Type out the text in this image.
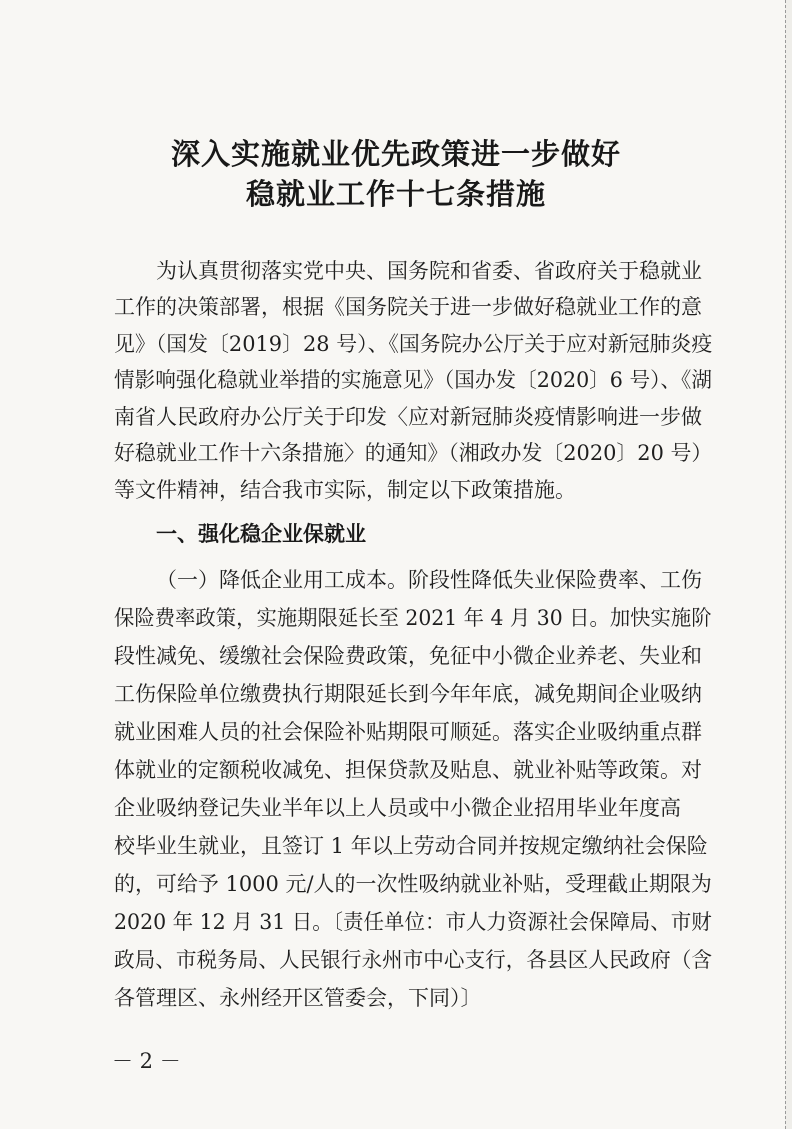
深入实施就业优先政策进一步做好
稳就业工作十七条措施
为认真贯彻落实党中央、国务院和省委、省政府关于稳就业
工作的决策部署，根据《国务院关于进一步做好稳就业工作的意
见》（国发〔2019〕28 号）、《国务院办公厅关于应对新冠肺炎疫
情影响强化稳就业举措的实施意见》（国办发〔2020〕6 号）、《湖
南省人民政府办公厅关于印发〈应对新冠肺炎疫情影响进一步做
好稳就业工作十六条措施〉的通知》（湘政办发〔2020〕20 号）
等文件精神，结合我市实际，制定以下政策措施。
一、强化稳企业保就业
（一）降低企业用工成本。阶段性降低失业保险费率、工伤
保险费率政策，实施期限延长至 2021 年 4 月 30 日。加快实施阶
段性减免、缓缴社会保险费政策，免征中小微企业养老、失业和
工伤保险单位缴费执行期限延长到今年年底，减免期间企业吸纳
就业困难人员的社会保险补贴期限可顺延。落实企业吸纳重点群
体就业的定额税收减免、担保贷款及贴息、就业补贴等政策。对
企业吸纳登记失业半年以上人员或中小微企业招用毕业年度高
校毕业生就业，且签订 1 年以上劳动合同并按规定缴纳社会保险
的，可给予 1000 元/人的一次性吸纳就业补贴，受理截止期限为
2020 年 12 月 31 日。〔责任单位：市人力资源社会保障局、市财
政局、市税务局、人民银行永州市中心支行，各县区人民政府（含
各管理区、永州经开区管委会，下同）〕
－ 2 －
